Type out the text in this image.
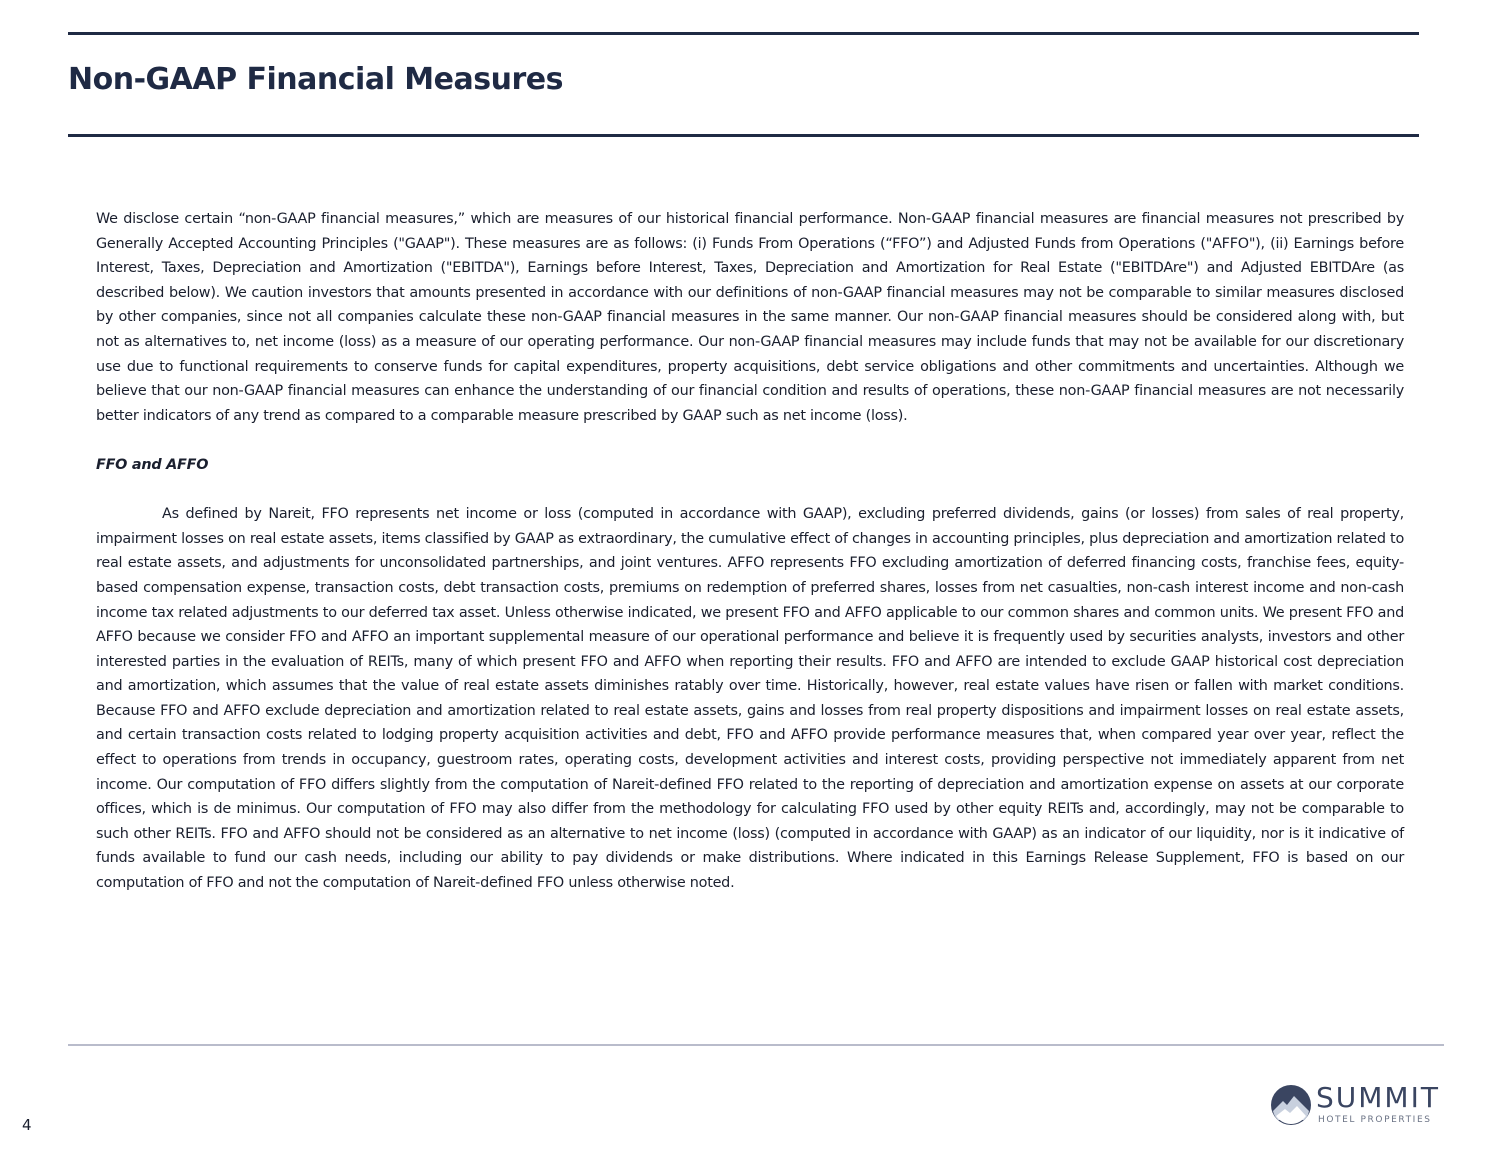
Non-GAAP Financial Measures

We disclose certain “non-GAAP financial measures,” which are measures of our historical financial performance. Non-GAAP financial measures are financial measures not prescribed by Generally Accepted Accounting Principles ("GAAP"). These measures are as follows: (i) Funds From Operations (“FFO”) and Adjusted Funds from Operations ("AFFO"), (ii) Earnings before Interest, Taxes, Depreciation and Amortization ("EBITDA"), Earnings before Interest, Taxes, Depreciation and Amortization for Real Estate ("EBITDAre") and Adjusted EBITDAre (as described below). We caution investors that amounts presented in accordance with our definitions of non-GAAP financial measures may not be comparable to similar measures disclosed by other companies, since not all companies calculate these non-GAAP financial measures in the same manner. Our non-GAAP financial measures should be considered along with, but not as alternatives to, net income (loss) as a measure of our operating performance. Our non-GAAP financial measures may include funds that may not be available for our discretionary use due to functional requirements to conserve funds for capital expenditures, property acquisitions, debt service obligations and other commitments and uncertainties. Although we believe that our non-GAAP financial measures can enhance the understanding of our financial condition and results of operations, these non-GAAP financial measures are not necessarily better indicators of any trend as compared to a comparable measure prescribed by GAAP such as net income (loss).

FFO and AFFO

As defined by Nareit, FFO represents net income or loss (computed in accordance with GAAP), excluding preferred dividends, gains (or losses) from sales of real property, impairment losses on real estate assets, items classified by GAAP as extraordinary, the cumulative effect of changes in accounting principles, plus depreciation and amortization related to real estate assets, and adjustments for unconsolidated partnerships, and joint ventures. AFFO represents FFO excluding amortization of deferred financing costs, franchise fees, equity-based compensation expense, transaction costs, debt transaction costs, premiums on redemption of preferred shares, losses from net casualties, non-cash interest income and non-cash income tax related adjustments to our deferred tax asset. Unless otherwise indicated, we present FFO and AFFO applicable to our common shares and common units. We present FFO and AFFO because we consider FFO and AFFO an important supplemental measure of our operational performance and believe it is frequently used by securities analysts, investors and other interested parties in the evaluation of REITs, many of which present FFO and AFFO when reporting their results. FFO and AFFO are intended to exclude GAAP historical cost depreciation and amortization, which assumes that the value of real estate assets diminishes ratably over time. Historically, however, real estate values have risen or fallen with market conditions. Because FFO and AFFO exclude depreciation and amortization related to real estate assets, gains and losses from real property dispositions and impairment losses on real estate assets, and certain transaction costs related to lodging property acquisition activities and debt, FFO and AFFO provide performance measures that, when compared year over year, reflect the effect to operations from trends in occupancy, guestroom rates, operating costs, development activities and interest costs, providing perspective not immediately apparent from net income. Our computation of FFO differs slightly from the computation of Nareit-defined FFO related to the reporting of depreciation and amortization expense on assets at our corporate offices, which is de minimus. Our computation of FFO may also differ from the methodology for calculating FFO used by other equity REITs and, accordingly, may not be comparable to such other REITs. FFO and AFFO should not be considered as an alternative to net income (loss) (computed in accordance with GAAP) as an indicator of our liquidity, nor is it indicative of funds available to fund our cash needs, including our ability to pay dividends or make distributions. Where indicated in this Earnings Release Supplement, FFO is based on our computation of FFO and not the computation of Nareit-defined FFO unless otherwise noted.

4
SUMMIT
HOTEL PROPERTIES
